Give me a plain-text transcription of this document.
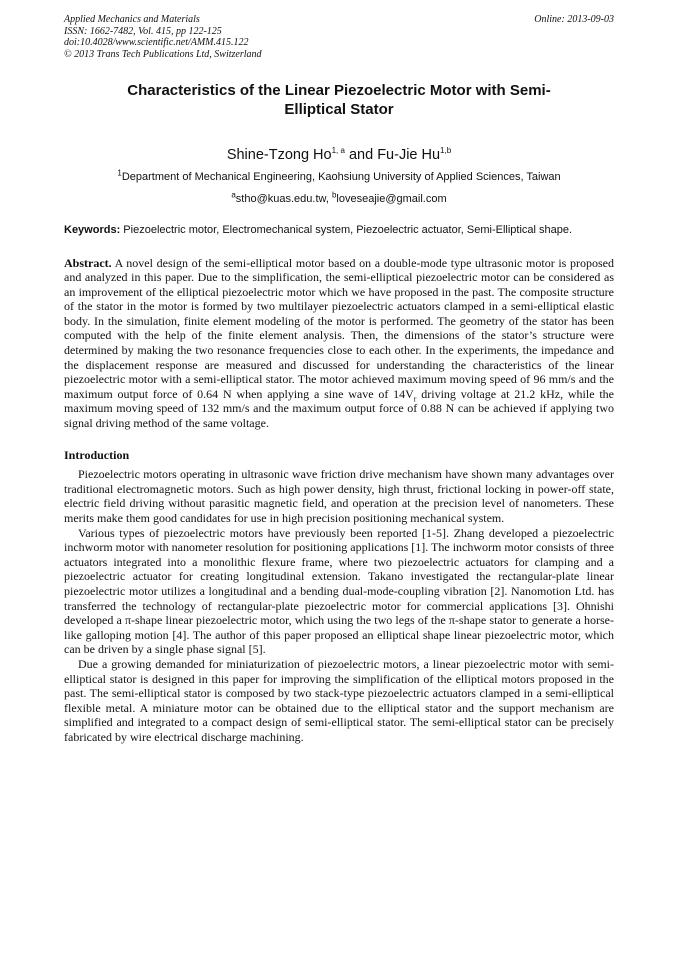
Applied Mechanics and Materials
ISSN: 1662-7482, Vol. 415, pp 122-125
doi:10.4028/www.scientific.net/AMM.415.122
© 2013 Trans Tech Publications Ltd, Switzerland
Online: 2013-09-03
Characteristics of the Linear Piezoelectric Motor with Semi-Elliptical Stator
Shine-Tzong Ho$^{1, a}$ and Fu-Jie Hu$^{1,b}$
$^1$Department of Mechanical Engineering, Kaohsiung University of Applied Sciences, Taiwan
$^a$stho@kuas.edu.tw, $^b$loveseajie@gmail.com
Keywords: Piezoelectric motor, Electromechanical system, Piezoelectric actuator, Semi-Elliptical shape.
Abstract. A novel design of the semi-elliptical motor based on a double-mode type ultrasonic motor is proposed and analyzed in this paper. Due to the simplification, the semi-elliptical piezoelectric motor can be considered as an improvement of the elliptical piezoelectric motor which we have proposed in the past. The composite structure of the stator in the motor is formed by two multilayer piezoelectric actuators clamped in a semi-elliptical elastic body. In the simulation, finite element modeling of the motor is performed. The geometry of the stator has been computed with the help of the finite element analysis. Then, the dimensions of the stator’s structure were determined by making the two resonance frequencies close to each other. In the experiments, the impedance and the displacement response are measured and discussed for understanding the characteristics of the linear piezoelectric motor with a semi-elliptical stator. The motor achieved maximum moving speed of 96 mm/s and the maximum output force of 0.64 N when applying a sine wave of $14V_r$ driving voltage at 21.2 kHz, while the maximum moving speed of 132 mm/s and the maximum output force of 0.88 N can be achieved if applying two signal driving method of the same voltage.
Introduction

Piezoelectric motors operating in ultrasonic wave friction drive mechanism have shown many advantages over traditional electromagnetic motors. Such as high power density, high thrust, frictional locking in power-off state, electric field driving without parasitic magnetic field, and operation at the precision level of nanometers. These merits make them good candidates for use in high precision positioning mechanical system.

Various types of piezoelectric motors have previously been reported [1-5]. Zhang developed a piezoelectric inchworm motor with nanometer resolution for positioning applications [1]. The inchworm motor consists of three actuators integrated into a monolithic flexure frame, where two piezoelectric actuators for clamping and a piezoelectric actuator for creating longitudinal extension. Takano investigated the rectangular-plate linear piezoelectric motor utilizes a longitudinal and a bending dual-mode-coupling vibration [2]. Nanomotion Ltd. has transferred the technology of rectangular-plate piezoelectric motor for commercial applications [3]. Ohnishi developed a π-shape linear piezoelectric motor, which using the two legs of the π-shape stator to generate a horse-like galloping motion [4]. The author of this paper proposed an elliptical shape linear piezoelectric motor, which can be driven by a single phase signal [5].

Due a growing demanded for miniaturization of piezoelectric motors, a linear piezoelectric motor with semi-elliptical stator is designed in this paper for improving the simplification of the elliptical motors proposed in the past. The semi-elliptical stator is composed by two stack-type piezoelectric actuators clamped in a semi-elliptical flexible metal. A miniature motor can be obtained due to the elliptical stator and the support mechanism are simplified and integrated to a compact design of semi-elliptical stator. The semi-elliptical stator can be precisely fabricated by wire electrical discharge machining.
